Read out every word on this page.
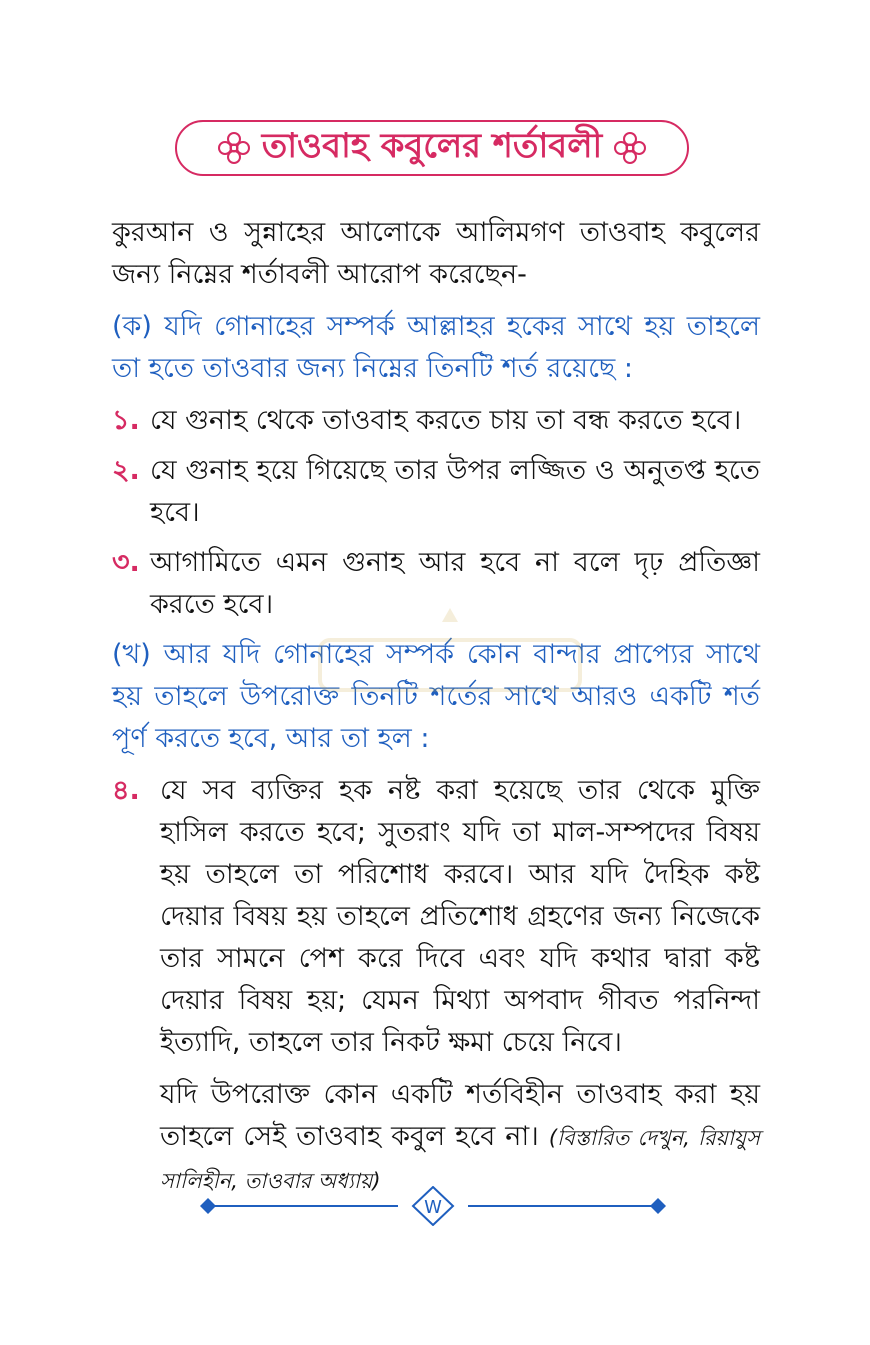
তাওবাহ কবুলের শর্তাবলী

কুরআন ও সুন্নাহের আলোকে আলিমগণ তাওবাহ কবুলের জন্য নিম্নের শর্তাবলী আরোপ করেছেন-

(ক) যদি গোনাহের সম্পর্ক আল্লাহর হকের সাথে হয় তাহলে তা হতে তাওবার জন্য নিম্নের তিনটি শর্ত রয়েছে :

১. যে গুনাহ থেকে তাওবাহ করতে চায় তা বন্ধ করতে হবে।
২. যে গুনাহ হয়ে গিয়েছে তার উপর লজ্জিত ও অনুতপ্ত হতে হবে।
৩. আগামিতে এমন গুনাহ আর হবে না বলে দৃঢ় প্রতিজ্ঞা করতে হবে।

(খ) আর যদি গোনাহের সম্পর্ক কোন বান্দার প্রাপ্যের সাথে হয় তাহলে উপরোক্ত তিনটি শর্তের সাথে আরও একটি শর্ত পূর্ণ করতে হবে, আর তা হল :

৪. যে সব ব্যক্তির হক নষ্ট করা হয়েছে তার থেকে মুক্তি হাসিল করতে হবে; সুতরাং যদি তা মাল-সম্পদের বিষয় হয় তাহলে তা পরিশোধ করবে। আর যদি দৈহিক কষ্ট দেয়ার বিষয় হয় তাহলে প্রতিশোধ গ্রহণের জন্য নিজেকে তার সামনে পেশ করে দিবে এবং যদি কথার দ্বারা কষ্ট দেয়ার বিষয় হয়; যেমন মিথ্যা অপবাদ গীবত পরনিন্দা ইত্যাদি, তাহলে তার নিকট ক্ষমা চেয়ে নিবে।

যদি উপরোক্ত কোন একটি শর্তবিহীন তাওবাহ করা হয় তাহলে সেই তাওবাহ কবুল হবে না। (বিস্তারিত দেখুন, রিয়াযুস সালিহীন, তাওবার অধ্যায়)

W
